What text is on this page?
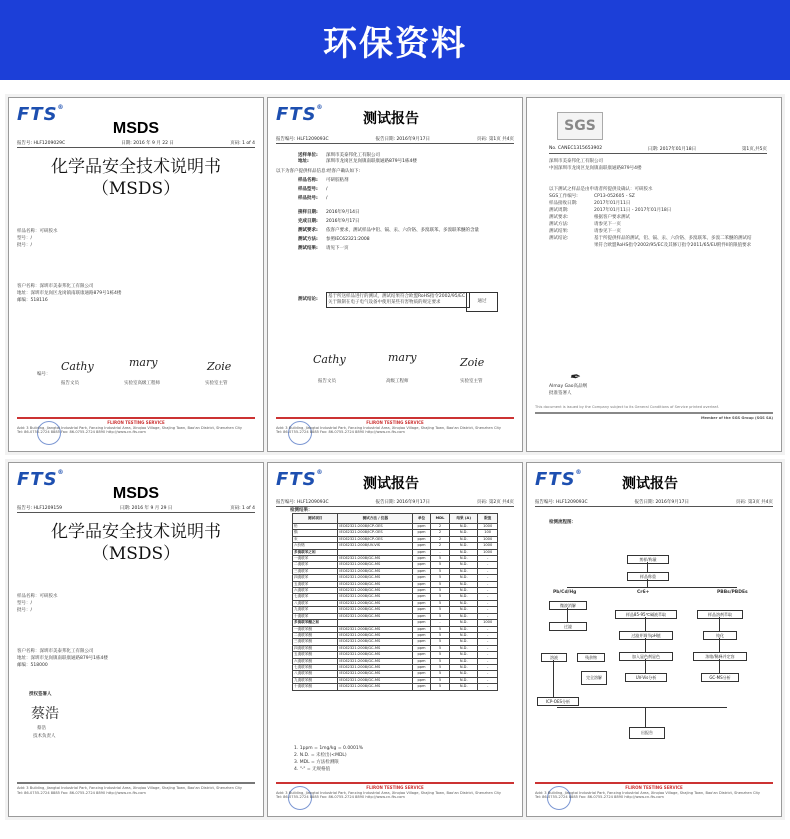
环保资料
FTS®
MSDS
报告号: HLF1209029C	日期: 2016 年 9 月 22 日	页码: 1 of 4
化学品安全技术说明书
（MSDS）
样品名称：可研胶水
型号：/
批号：/
客户名称：深圳市美泰邦化工有限公司
地址：深圳市龙岗区龙岗镇南联康通路879号1栋4楼
邮编：518116
Cathy	mary	Zoie
编号：
报告文员	实验室高级工程师	实验室主管
FLIRON TESTING SERVICE
Add: 3 Building, Jiangtai Industrial Park, Fanxing Industrial Area, Xinqiao Village, Shajing Town, Bao'an District, Shenzhen City
Tel: 86-0755-2724 8885 Fax: 86-0755-2724 8890 http://www.cn-fts.com
FTS®
测试报告
报告编号: HLF1209093C	报告日期: 2016年9月17日	页码: 第1页 共4页
送样单位: 深圳市美泰邦化工有限公司
地址:	深圳市龙岗区龙岗镇南联康通路879号1栋4楼
以下为客户提供样品信息:经客户确认如下:
样品名称: 可研胶粘剂
样品型号: /
样品批号: /
接样日期: 2016年9月14日
完成日期: 2016年9月17日
测试要求: 依客户要求，测试样品中铅、镉、汞、六价铬、多溴联苯、多溴联苯醚的含量
测试方法: 参照IEC62321:2008
测试结果: 请见下一页
测试结论:
基于所送样品进行的测试，测试结果符合欧盟RoHS指令2002/95/EC 关于限制在电子电气设备中使用某些有害物质的规定要求	通过
Cathy	mary	Zoie
报告文员	高级工程师	实验室主管
FLIRON TESTING SERVICE
Add: 3 Building, Jiangtai Industrial Park, Fanxing Industrial Area, Xinqiao Village, Shajing Town, Bao'an District, Shenzhen City
Tel: 86-0755-2724 8885 Fax: 86-0755-2724 8890 http://www.cn-fts.com
SGS
No. CANEC1315653902	日期: 2017年01月18日	第1页,共5页
深圳市美泰邦化工有限公司
中国深圳市龙岗区龙岗镇南联康通路879号4楼
以下测试之样品是由申请者所提供及确认：可研胶水
SGS工作编号:	CP13-052605 - SZ
样品接收日期:	2017年01月11日
测试周期:	2017年01月11日 - 2017年01月18日
测试要求:	根据客户要求测试
测试方法:	请参见下一页
测试结果:	请参见下一页
测试结论:	基于所提供样品的测试，铅、镉、汞、六价铬、多溴联苯、多溴二苯醚的测试结果符合欧盟RoHS指令2002/95/EC及其修订指令2011/65/EU附件II的限值要求
✒
Almay Gao高品纲
批准签署人
This document is issued by the Company subject to its General Conditions of Service printed overleaf.
Member of the SGS Group (SGS SA)
FTS®
MSDS
报告号: HLF1209159	日期: 2016 年 9 月 29 日	页码: 1 of 4
化学品安全技术说明书
（MSDS）
样品名称：可研胶水
型号：/
批号：/
客户名称：深圳市美泰邦化工有限公司
地址：深圳市龙岗镇南联康通路879号1栋4楼
邮编：518000
授权签署人
蔡浩
蔡浩
技术负责人
Add: 3 Building, Jiangtai Industrial Park, Fanxing Industrial Area, Xinqiao Village, Shajing Town, Bao'an District, Shenzhen City
Tel: 86-0755-2724 8885 Fax: 86-0755-2724 8890 http://www.cn-fts.com
FTS®
测试报告
报告编号: HLF1209093C	报告日期: 2016年9月17日	页码: 第2页 共4页
检测结果：
测试项目	测试方法 / 仪器	单位	MDL	结果 (A)	限值
铅	IEC62321:2008/ICP-OES	ppm	2	N.D.	1000
镉	IEC62321:2008/ICP-OES	ppm	2	N.D.	100
汞	IEC62321:2008/ICP-OES	ppm	2	N.D.	1000
六价铬	IEC62321:2008/UV-VIS	ppm	2	N.D.	1000
多溴联苯之和		ppm	-	N.D.	1000
一溴联苯	IEC62321:2008/GC-MS	ppm	5	N.D.	-
二溴联苯	IEC62321:2008/GC-MS	ppm	5	N.D.	-
三溴联苯	IEC62321:2008/GC-MS	ppm	5	N.D.	-
四溴联苯	IEC62321:2008/GC-MS	ppm	5	N.D.	-
五溴联苯	IEC62321:2008/GC-MS	ppm	5	N.D.	-
六溴联苯	IEC62321:2008/GC-MS	ppm	5	N.D.	-
七溴联苯	IEC62321:2008/GC-MS	ppm	5	N.D.	-
八溴联苯	IEC62321:2008/GC-MS	ppm	5	N.D.	-
九溴联苯	IEC62321:2008/GC-MS	ppm	5	N.D.	-
十溴联苯	IEC62321:2008/GC-MS	ppm	5	N.D.	-
多溴联苯醚之和		ppm	-	N.D.	1000
一溴联苯醚	IEC62321:2008/GC-MS	ppm	5	N.D.	-
二溴联苯醚	IEC62321:2008/GC-MS	ppm	5	N.D.	-
三溴联苯醚	IEC62321:2008/GC-MS	ppm	5	N.D.	-
四溴联苯醚	IEC62321:2008/GC-MS	ppm	5	N.D.	-
五溴联苯醚	IEC62321:2008/GC-MS	ppm	5	N.D.	-
六溴联苯醚	IEC62321:2008/GC-MS	ppm	5	N.D.	-
七溴联苯醚	IEC62321:2008/GC-MS	ppm	5	N.D.	-
八溴联苯醚	IEC62321:2008/GC-MS	ppm	5	N.D.	-
九溴联苯醚	IEC62321:2008/GC-MS	ppm	5	N.D.	-
十溴联苯醚	IEC62321:2008/GC-MS	ppm	5	N.D.	-
1. 1ppm = 1mg/kg = 0.0001%
2. N.D. = 未检出(<MDL)
3. MDL = 方法检测限
4. "-" = 无规格值
FLIRON TESTING SERVICE
Add: 3 Building, Jiangtai Industrial Park, Fanxing Industrial Area, Xinqiao Village, Shajing Town, Bao'an District, Shenzhen City
Tel: 86-0755-2724 8885 Fax: 86-0755-2724 8890 http://www.cn-fts.com
FTS®
测试报告
报告编号: HLF1209093C	报告日期: 2016年9月17日	页码: 第3页 共4页
检测流程图：
剪样/称量
样品称重
Pb/Cd/Hg	Cr6+	PBBs/PBDEs
微波消解
过滤
溶液	残余物
完全溶解
ICP-OES分析
样品85-95℃碱液萃取
过滤并调节pH值
加入显色剂显色
UV-Vis分析
样品溶剂萃取
纯化
浓缩/稀释并定容
GC-MS分析
出报告
FLIRON TESTING SERVICE
Add: 3 Building, Jiangtai Industrial Park, Fanxing Industrial Area, Xinqiao Village, Shajing Town, Bao'an District, Shenzhen City
Tel: 86-0755-2724 8885 Fax: 86-0755-2724 8890 http://www.cn-fts.com
